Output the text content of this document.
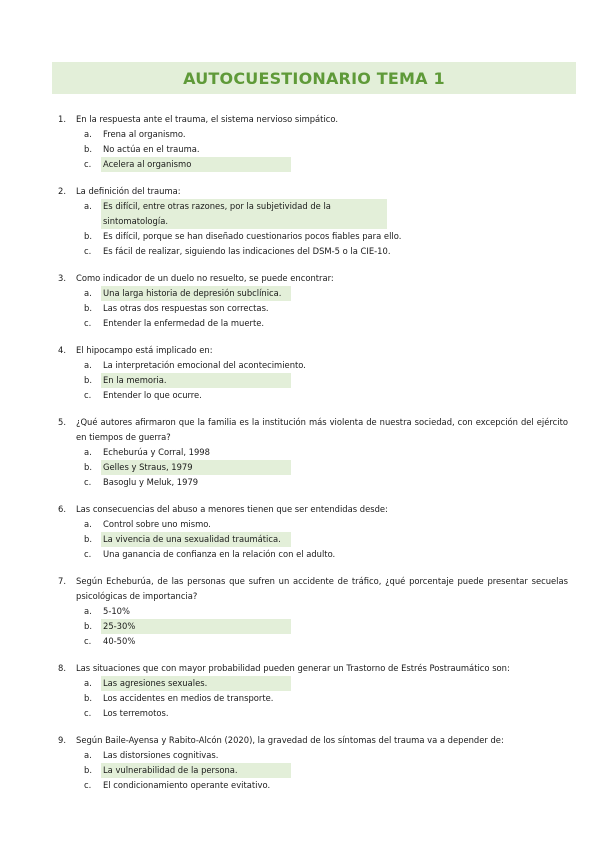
AUTOCUESTIONARIO TEMA 1
1.	En la respuesta ante el trauma, el sistema nervioso simpático.
a.	Frena al organismo.
b.	No actúa en el trauma.
c.	Acelera al organismo
2.	La definición del trauma:
a.	Es difícil, entre otras razones, por la subjetividad de la sintomatología.
b.	Es difícil, porque se han diseñado cuestionarios pocos fiables para ello.
c.	Es fácil de realizar, siguiendo las indicaciones del DSM-5 o la CIE-10.
3.	Como indicador de un duelo no resuelto, se puede encontrar:
a.	Una larga historia de depresión subclínica.
b.	Las otras dos respuestas son correctas.
c.	Entender la enfermedad de la muerte.
4.	El hipocampo está implicado en:
a.	La interpretación emocional del acontecimiento.
b.	En la memoria.
c.	Entender lo que ocurre.
5.	¿Qué autores afirmaron que la familia es la institución más violenta de nuestra sociedad, con excepción del ejército en tiempos de guerra?
a.	Echeburúa y Corral, 1998
b.	Gelles y Straus, 1979
c.	Basoglu y Meluk, 1979
6.	Las consecuencias del abuso a menores tienen que ser entendidas desde:
a.	Control sobre uno mismo.
b.	La vivencia de una sexualidad traumática.
c.	Una ganancia de confianza en la relación con el adulto.
7.	Según Echeburúa, de las personas que sufren un accidente de tráfico, ¿qué porcentaje puede presentar secuelas psicológicas de importancia?
a.	5-10%
b.	25-30%
c.	40-50%
8.	Las situaciones que con mayor probabilidad pueden generar un Trastorno de Estrés Postraumático son:
a.	Las agresiones sexuales.
b.	Los accidentes en medios de transporte.
c.	Los terremotos.
9.	Según Baile-Ayensa y Rabito-Alcón (2020), la gravedad de los síntomas del trauma va a depender de:
a.	Las distorsiones cognitivas.
b.	La vulnerabilidad de la persona.
c.	El condicionamiento operante evitativo.
